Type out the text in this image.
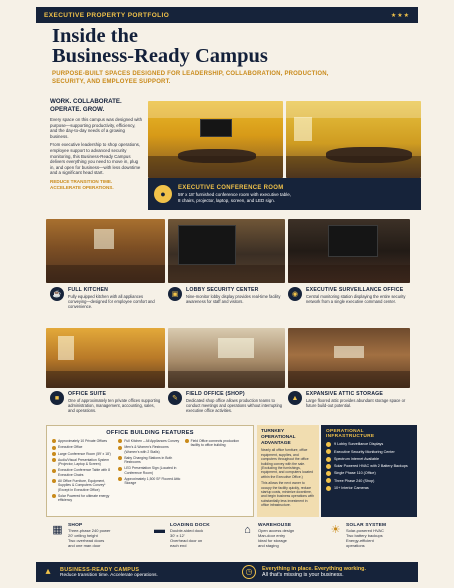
EXECUTIVE PROPERTY PORTFOLIO	★★★
Inside the
Business-Ready Campus
PURPOSE-BUILT SPACES DESIGNED FOR LEADERSHIP, COLLABORATION, PRODUCTION, SECURITY, AND EMPLOYEE SUPPORT.
WORK. COLLABORATE.
OPERATE. GROW.

Every space on this campus was designed with purpose—supporting productivity, efficiency, and the day-to-day needs of a growing business.

From executive leadership to shop operations, employee support to advanced security monitoring, this Business-Ready Campus delivers everything you need to move in, plug in, and open for business—with less downtime and a significant head start.

REDUCE TRANSITION TIME.
ACCELERATE OPERATIONS.
●
EXECUTIVE CONFERENCE ROOM
59' x 18' furnished conference room with executive table,
8 chairs, projector, laptop, screen, and LED sign.
☕
FULL KITCHEN
Fully equipped kitchen with all appliances conveying—designed for employee comfort and convenience.
▣
LOBBY SECURITY CENTER
Nine-monitor lobby display provides real-time facility awareness for staff and visitors.
◉
EXECUTIVE SURVEILLANCE OFFICE
Central monitoring station displaying the entire security network from a single executive command center.
■
OFFICE SUITE
One of approximately ten private offices supporting administration, management, accounting, sales, and operations.
✎
FIELD OFFICE (SHOP)
Dedicated shop office allows production teams to conduct meetings and operations without interrupting executive office activities.
▲
EXPANSIVE ATTIC STORAGE
Large floored attic provides abundant storage space or future build-out potential.
OFFICE BUILDING FEATURES
Approximately 10 Private Offices
Executive Office
Large Conference Room (59' x 18')
Audio/Visual Presentation System (Projector, Laptop & Screen)
Executive Conference Table with 8 Executive Chairs
All Office Furniture, Equipment, Supplies & Computers Convey* (Except in Executive Office)
Solar Powered for ultimate energy efficiency
Full Kitchen – All Appliances Convey
Men's & Women's Restrooms (Women's with 2 Stalls)
Baby Changing Stations in Both Restrooms
LED Presentation Sign (Located in Conference Room)
Approximately 1,500 SF Floored Attic Storage
Field Office connects production facility to office building
TURNKEY
OPERATIONAL ADVANTAGE

Nearly all office furniture, office equipment, supplies, and computers throughout the office building convey with the sale. (Excluding the furnishings, equipment, and computers located within the Executive Office.)

This allows the next owner to occupy the facility quickly, reduce startup costs, minimize downtime, and begin business operations with substantially less investment in office infrastructure.

OPERATIONAL INFRASTRUCTURE
9 Lobby Surveillance Displays
Executive Security Monitoring Center
Spectrum Internet Available
Solar Powered HVAC with 2 Battery Backups
Single Phase 110 (Office)
Three Phase 240 (Shop)
10+ Interior Cameras
▦	SHOP
Three-phase 240 power
20' ceiling height
Two overhead doors
and one man door
▬	LOADING DOCK
Double-sided dock
30' x 12'
Overhead door on
each end
⌂	WAREHOUSE
Open access design
Man-door entry
Ideal for storage
and staging
☀	SOLAR SYSTEM
Solar-powered HVAC
Two battery backups
Energy-efficient
operations
▴	BUSINESS-READY CAMPUS
Reduce transition time. Accelerate operations.	◷	Everything in place. Everything working.
All that's missing is your business.
